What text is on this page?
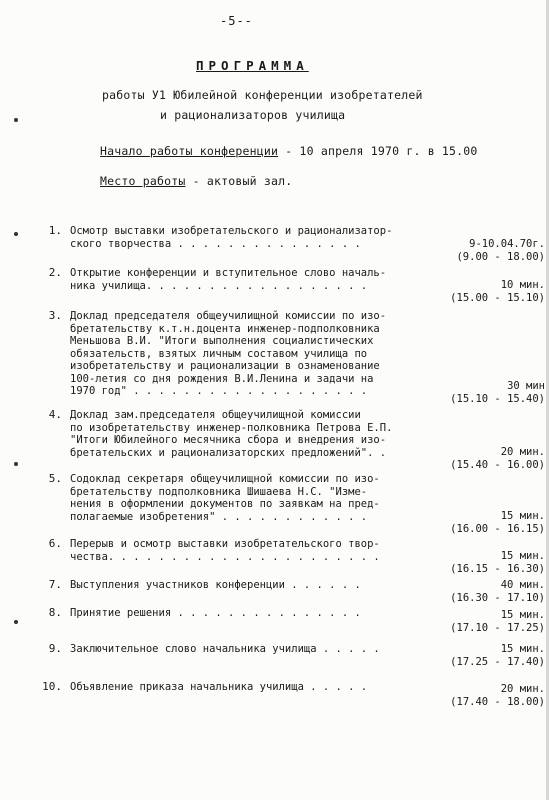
-5--
ПРОГРАММА
работы У1 Юбилейной конференции изобретателей
и рационализаторов училища
Начало работы конференции - 10 апреля 1970 г. в 15.00
Место работы - актовый зал.
1. Осмотр выставки изобретательского и рационализатор-
ского творчества . . . . . . . . . . . . . . .	9-10.04.70г.
(9.00 - 18.00)
2. Открытие конференции и вступительное слово началь-
ника училища. . . . . . . . . . . . . . . . . .	10 мин.
(15.00 - 15.10)
3. Доклад председателя общеучилищной комиссии по изо-
бретательству к.т.н.доцента инженер-подполковника
Меньшова В.И. "Итоги выполнения социалистических
обязательств, взятых личным составом училища по
изобретательству и рационализации в ознаменование
100-летия со дня рождения В.И.Ленина и задачи на
1970 год" . . . . . . . . . . . . . . . . . . .	30 мин
(15.10 - 15.40)
4. Доклад зам.председателя общеучилищной комиссии
по изобретательству инженер-полковника Петрова Е.П.
"Итоги Юбилейного месячника сбора и внедрения изо-
бретательских и рационализаторских предложений". .	20 мин.
(15.40 - 16.00)
5. Содоклад секретаря общеучилищной комиссии по изо-
бретательству подполковника Шишаева Н.С. "Изме-
нения в оформлении документов по заявкам на пред-
полагаемые изобретения" . . . . . . . . . . . .	15 мин.
(16.00 - 16.15)
6. Перерыв и осмотр выставки изобретательского твор-
чества. . . . . . . . . . . . . . . . . . . . . .	15 мин.
(16.15 - 16.30)
7. Выступления участников конференции . . . . . .	40 мин.
(16.30 - 17.10)
8. Принятие решения . . . . . . . . . . . . . . .	15 мин.
(17.10 - 17.25)
9. Заключительное слово начальника училища . . . . .	15 мин.
(17.25 - 17.40)
10. Объявление приказа начальника училища . . . . .	20 мин.
(17.40 - 18.00)
